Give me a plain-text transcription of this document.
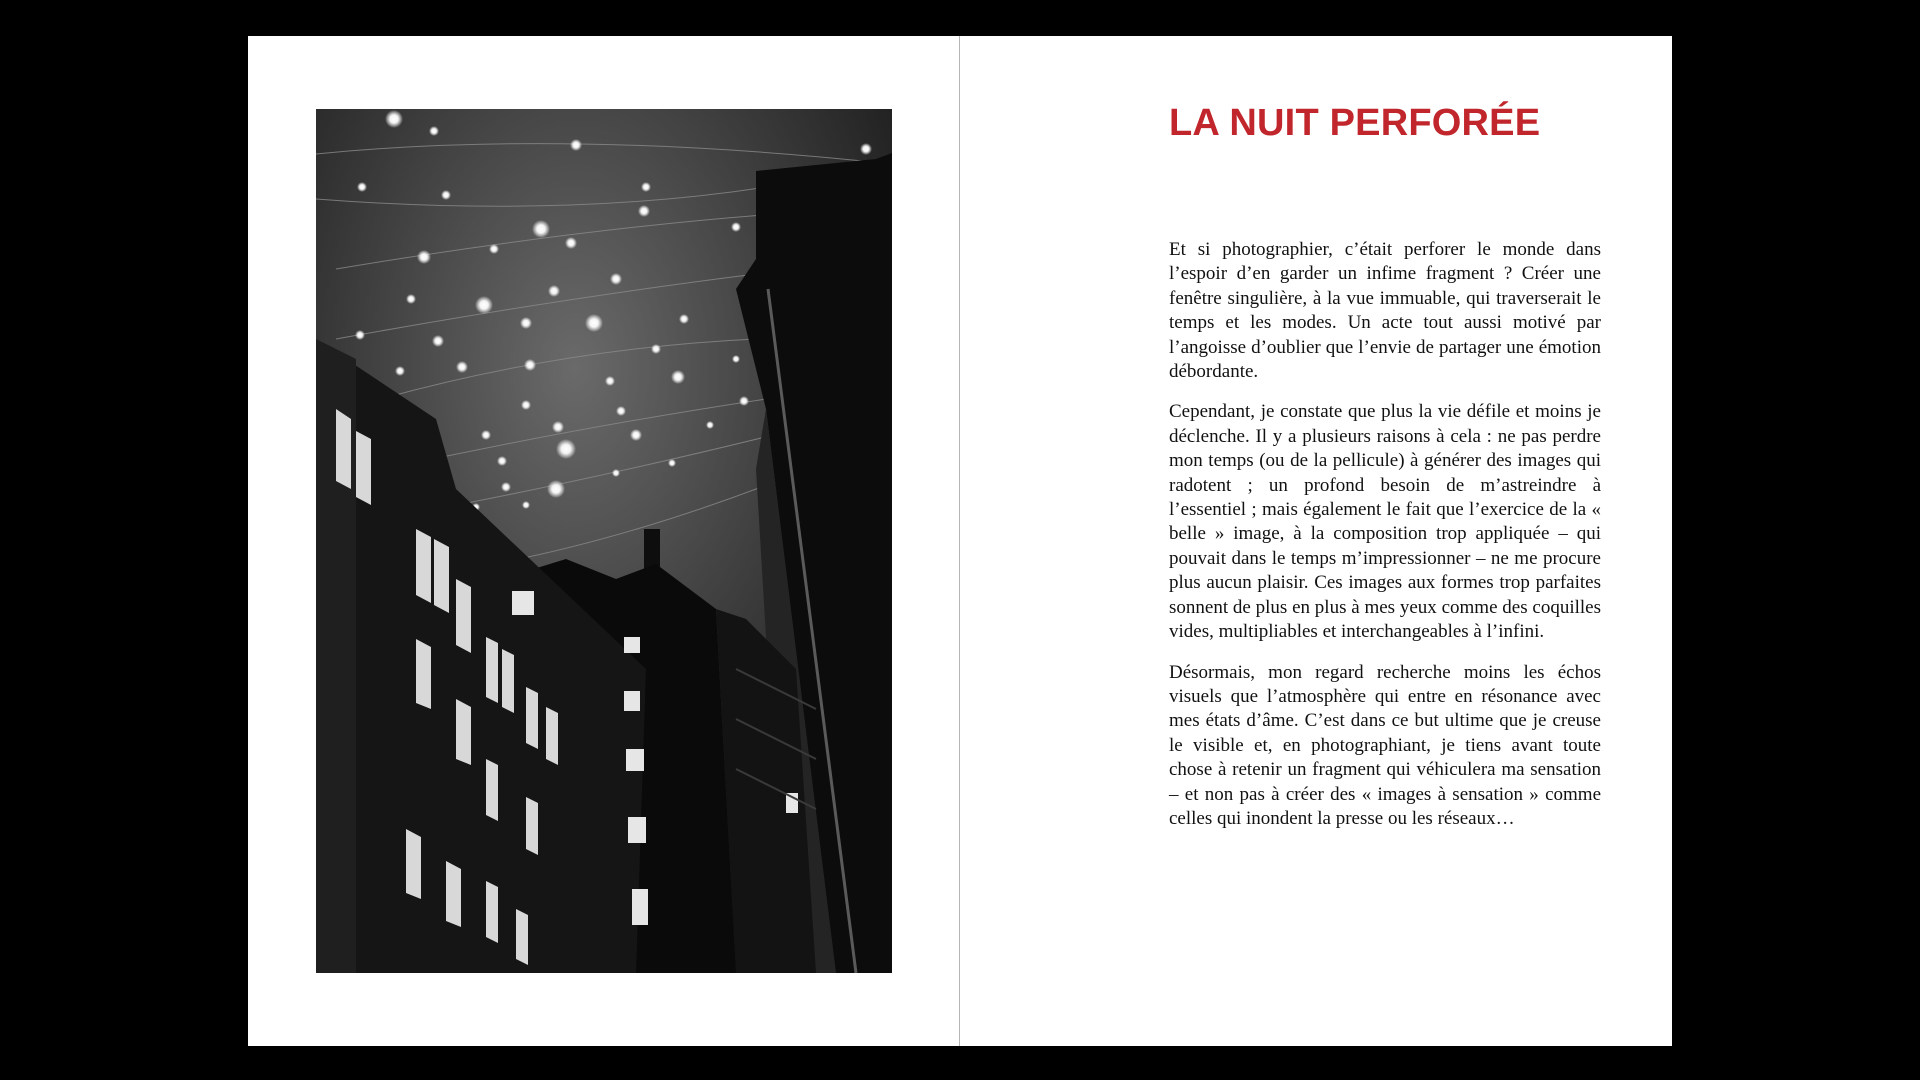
LA NUIT PERFORÉE

Et si photographier, c’était perforer le monde dans l’espoir d’en garder un infime fragment ? Créer une fenêtre singulière, à la vue immuable, qui traverserait le temps et les modes. Un acte tout aussi motivé par l’angoisse d’oublier que l’envie de partager une émotion débordante.

Cependant, je constate que plus la vie défile et moins je déclenche. Il y a plusieurs raisons à cela : ne pas perdre mon temps (ou de la pellicule) à générer des images qui radotent ; un profond besoin de m’astreindre à l’essentiel ; mais également le fait que l’exercice de la « belle » image, à la composition trop appliquée – qui pouvait dans le temps m’impressionner – ne me procure plus aucun plaisir. Ces images aux formes trop parfaites sonnent de plus en plus à mes yeux comme des coquilles vides, multipliables et interchangeables à l’infini.

Désormais, mon regard recherche moins les échos visuels que l’atmosphère qui entre en résonance avec mes états d’âme. C’est dans ce but ultime que je creuse le visible et, en photographiant, je tiens avant toute chose à retenir un fragment qui véhiculera ma sensation – et non pas à créer des « images à sensation » comme celles qui inondent la presse ou les réseaux…
